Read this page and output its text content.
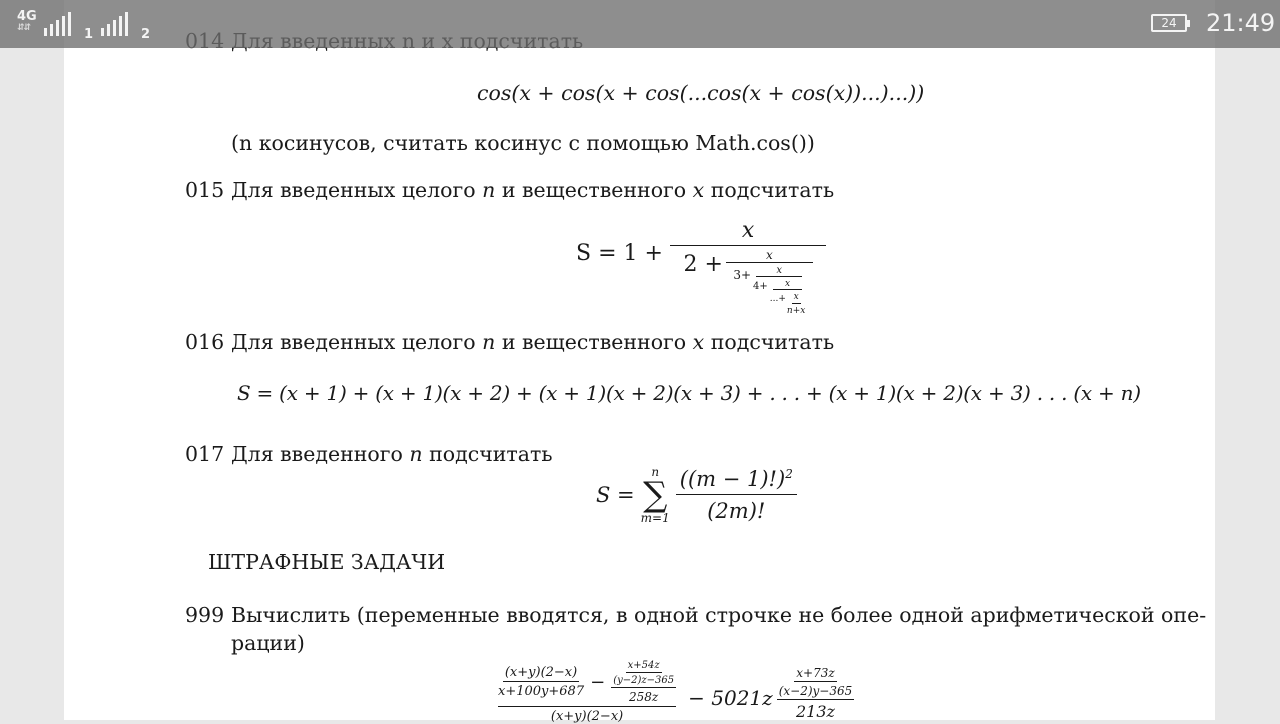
4G
⇵⇵	1	2
24	21:49
cos(x + cos(x + cos(...cos(x + cos(x))...)...))
(n косинусов, считать косинус с помощью Math.cos())
015 Для введенных целого n и вещественного x подсчитать
S = 1 +
x
2 +	x
3+	x
4+	x
...+ $\frac{x}{n+x}$
016 Для введенных целого n и вещественного x подсчитать
S = (x + 1) + (x + 1)(x + 2) + (x + 1)(x + 2)(x + 3) + . . . + (x + 1)(x + 2)(x + 3) . . . (x + n)
017 Для введенного n подсчитать
S =
n
∑
$m=1 \frac{((m - 1)!)^2}{(2m)!}$
ШТРАФНЫЕ ЗАДАЧИ
999 Вычислить (переменные вводятся, в одной строчке не более одной арифметической опе-
рации)
$\frac{(x+y)(2-x)}{x+100y+687} - \frac{\frac{x+54z}{(y-2)z-365}}{258z}$
(x+y)(2−x)
− $5021z \frac{\frac{x+73z}{(x-2)y-365}}{213z}$
